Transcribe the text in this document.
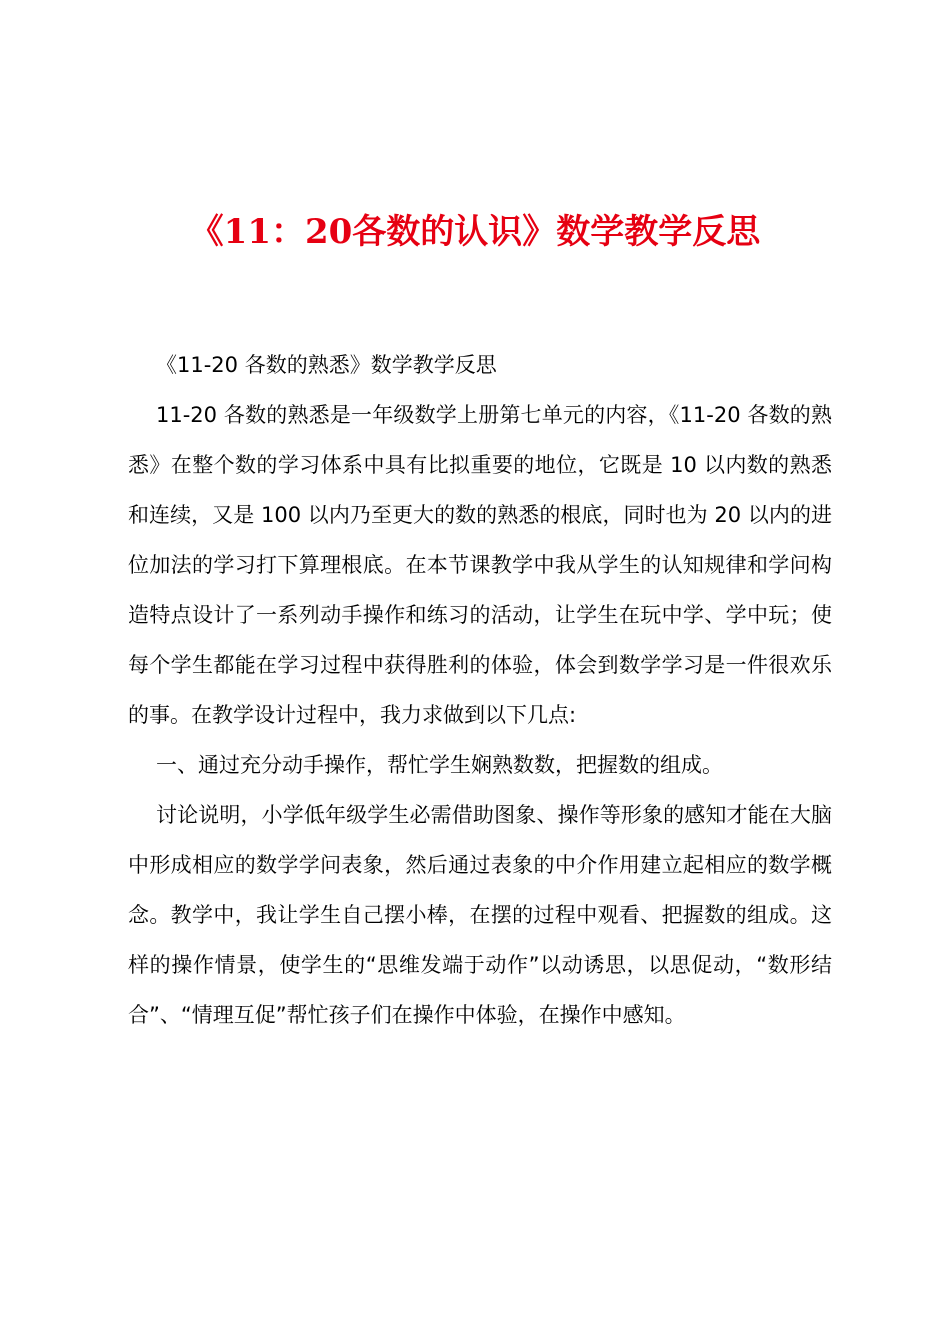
《11：20各数的认识》数学教学反思

《11-20 各数的熟悉》数学教学反思

11-20 各数的熟悉是一年级数学上册第七单元的内容，《11-20 各数的熟悉》在整个数的学习体系中具有比拟重要的地位，它既是 10 以内数的熟悉和连续，又是 100 以内乃至更大的数的熟悉的根底，同时也为 20 以内的进位加法的学习打下算理根底。在本节课教学中我从学生的认知规律和学问构造特点设计了一系列动手操作和练习的活动，让学生在玩中学、学中玩；使每个学生都能在学习过程中获得胜利的体验，体会到数学学习是一件很欢乐的事。在教学设计过程中，我力求做到以下几点:

一、通过充分动手操作，帮忙学生娴熟数数，把握数的组成。

讨论说明，小学低年级学生必需借助图象、操作等形象的感知才能在大脑中形成相应的数学学问表象，然后通过表象的中介作用建立起相应的数学概念。教学中，我让学生自己摆小棒，在摆的过程中观看、把握数的组成。这样的操作情景，使学生的“思维发端于动作”以动诱思，以思促动，“数形结合”、“情理互促”帮忙孩子们在操作中体验，在操作中感知。
